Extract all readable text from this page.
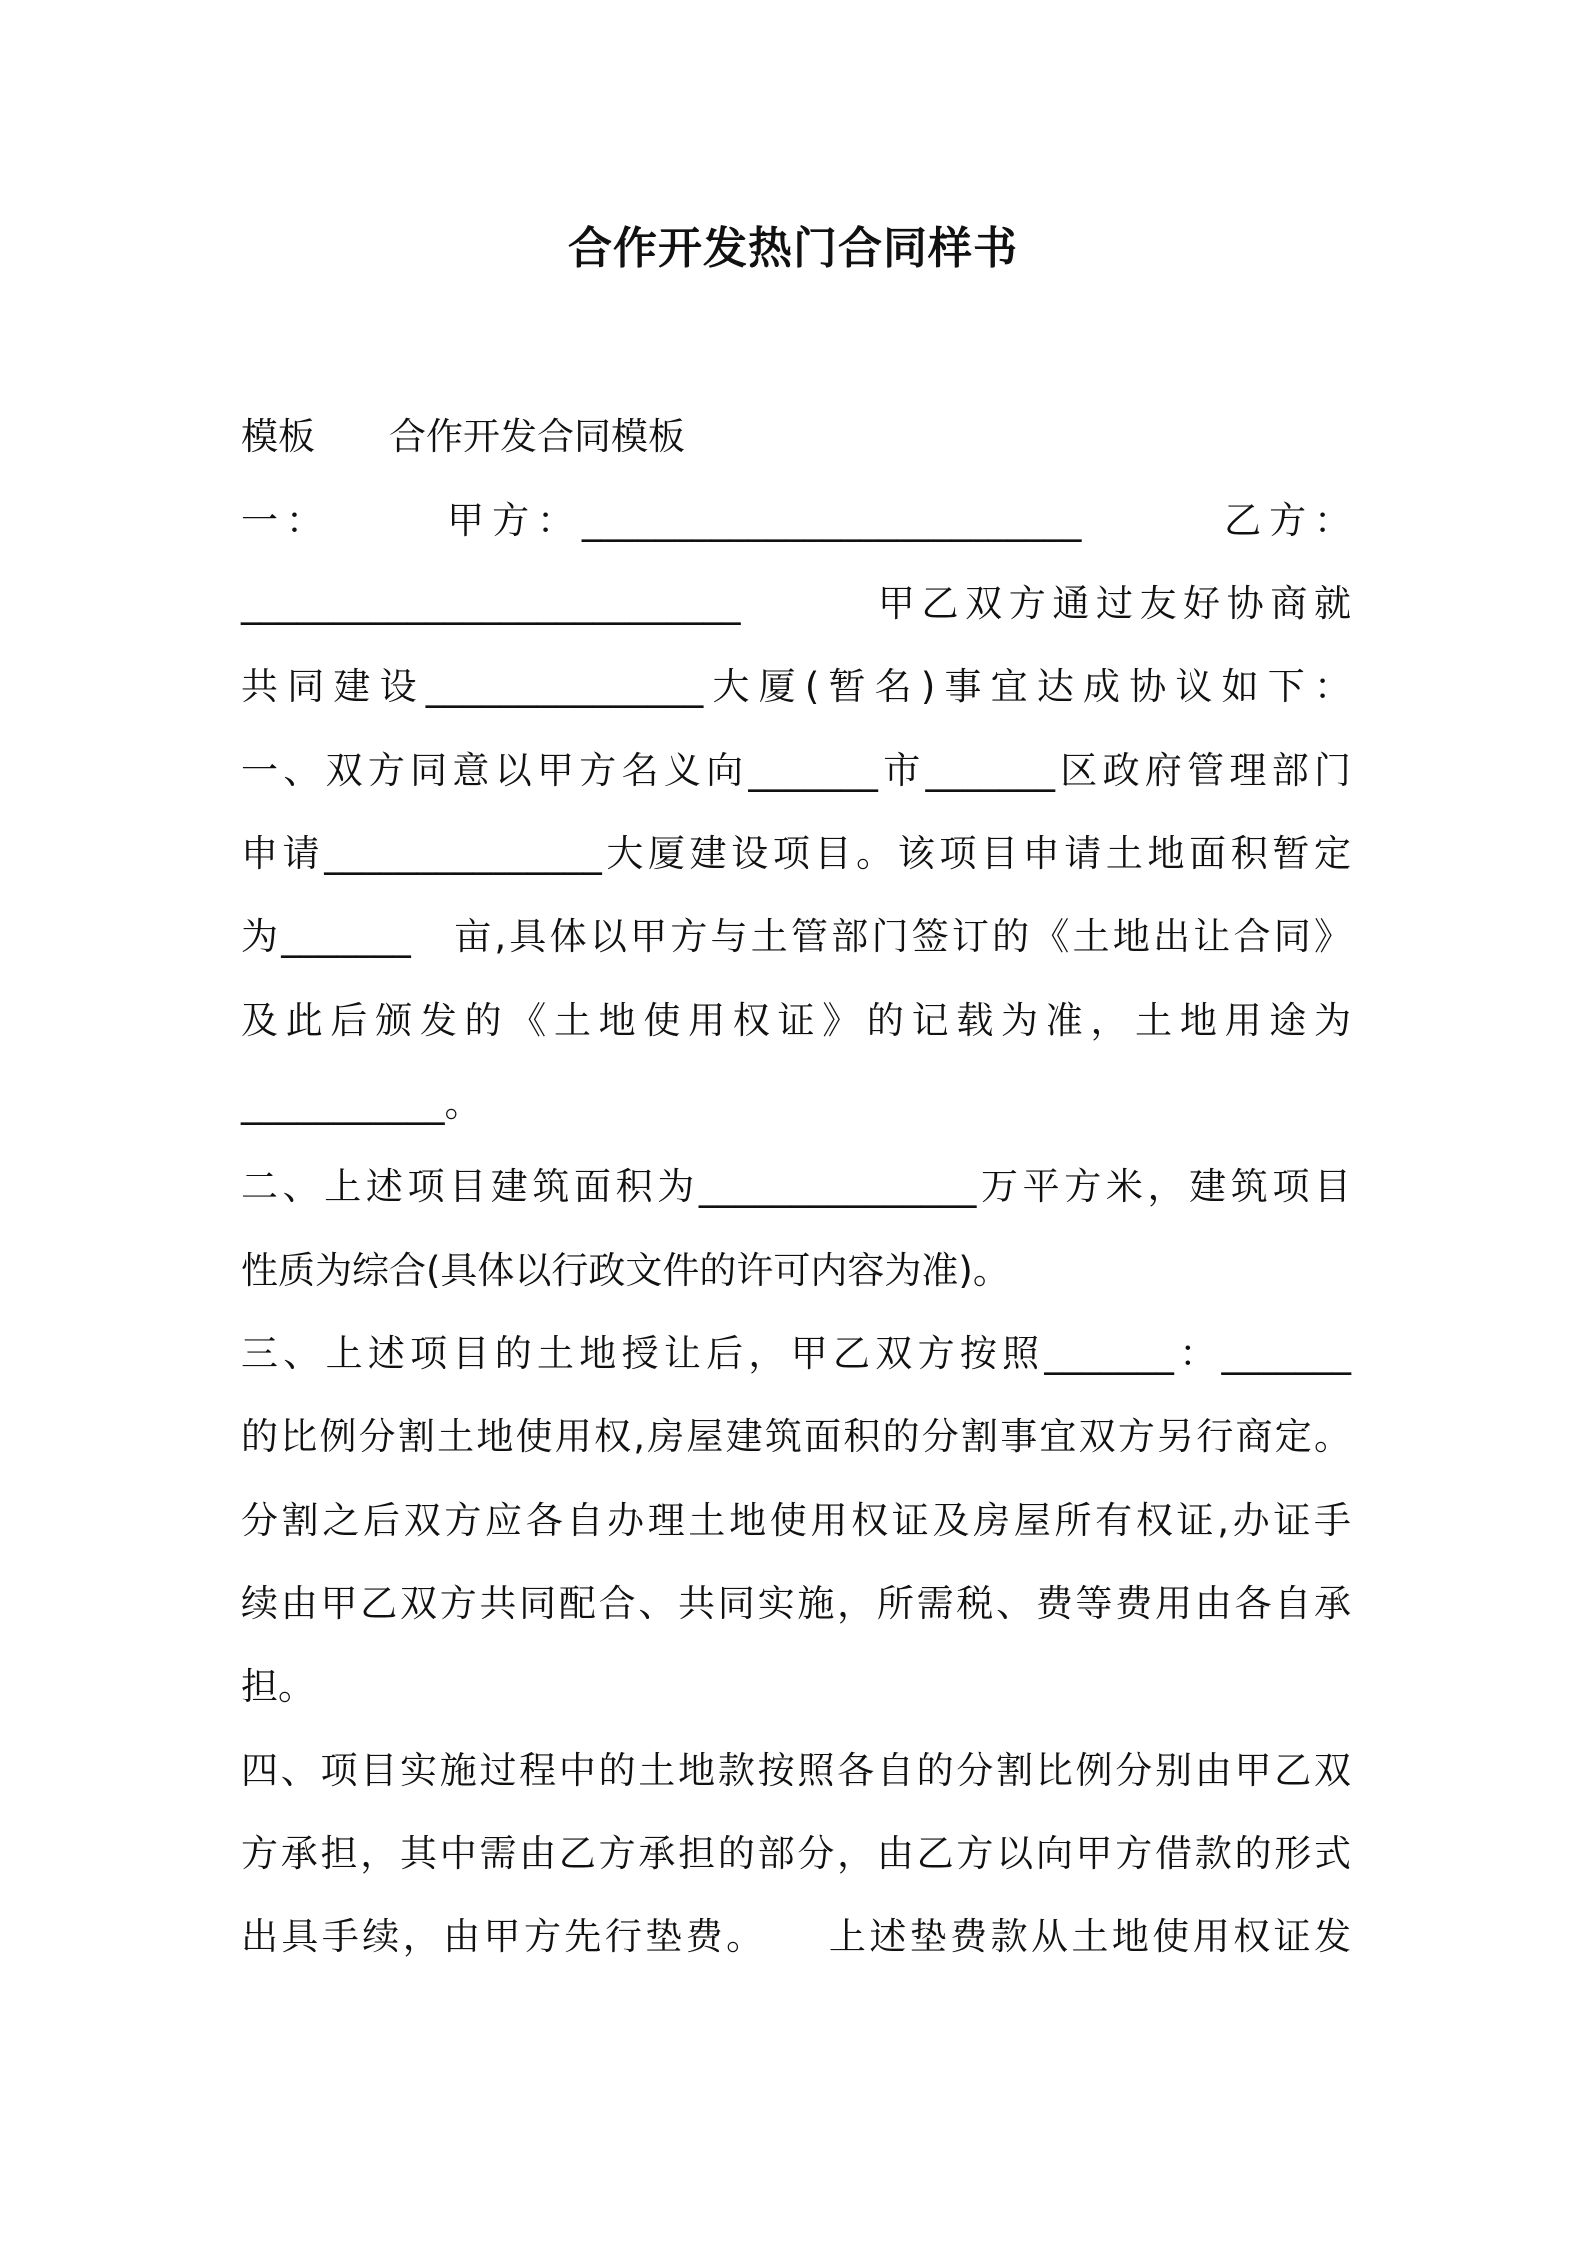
合作开发热门合同样书
模板　　合作开发合同模板
一：　　　甲方：___________________________　　　乙方：
___________________________　　　甲乙双方通过友好协商就
共同建设_______________大厦(暂名)事宜达成协议如下：
一、双方同意以甲方名义向_______市_______区政府管理部门
申请_______________大厦建设项目。该项目申请土地面积暂定
为_______　亩,具体以甲方与土管部门签订的《土地出让合同》
及此后颁发的《土地使用权证》的记载为准，土地用途为
___________。
二、上述项目建筑面积为_______________万平方米，建筑项目
性质为综合(具体以行政文件的许可内容为准)。
三、上述项目的土地授让后，甲乙双方按照_______：_______
的比例分割土地使用权,房屋建筑面积的分割事宜双方另行商定。
分割之后双方应各自办理土地使用权证及房屋所有权证,办证手
续由甲乙双方共同配合、共同实施，所需税、费等费用由各自承
担。
四、项目实施过程中的土地款按照各自的分割比例分别由甲乙双
方承担，其中需由乙方承担的部分，由乙方以向甲方借款的形式
出具手续，由甲方先行垫费。　　上述垫费款从土地使用权证发
